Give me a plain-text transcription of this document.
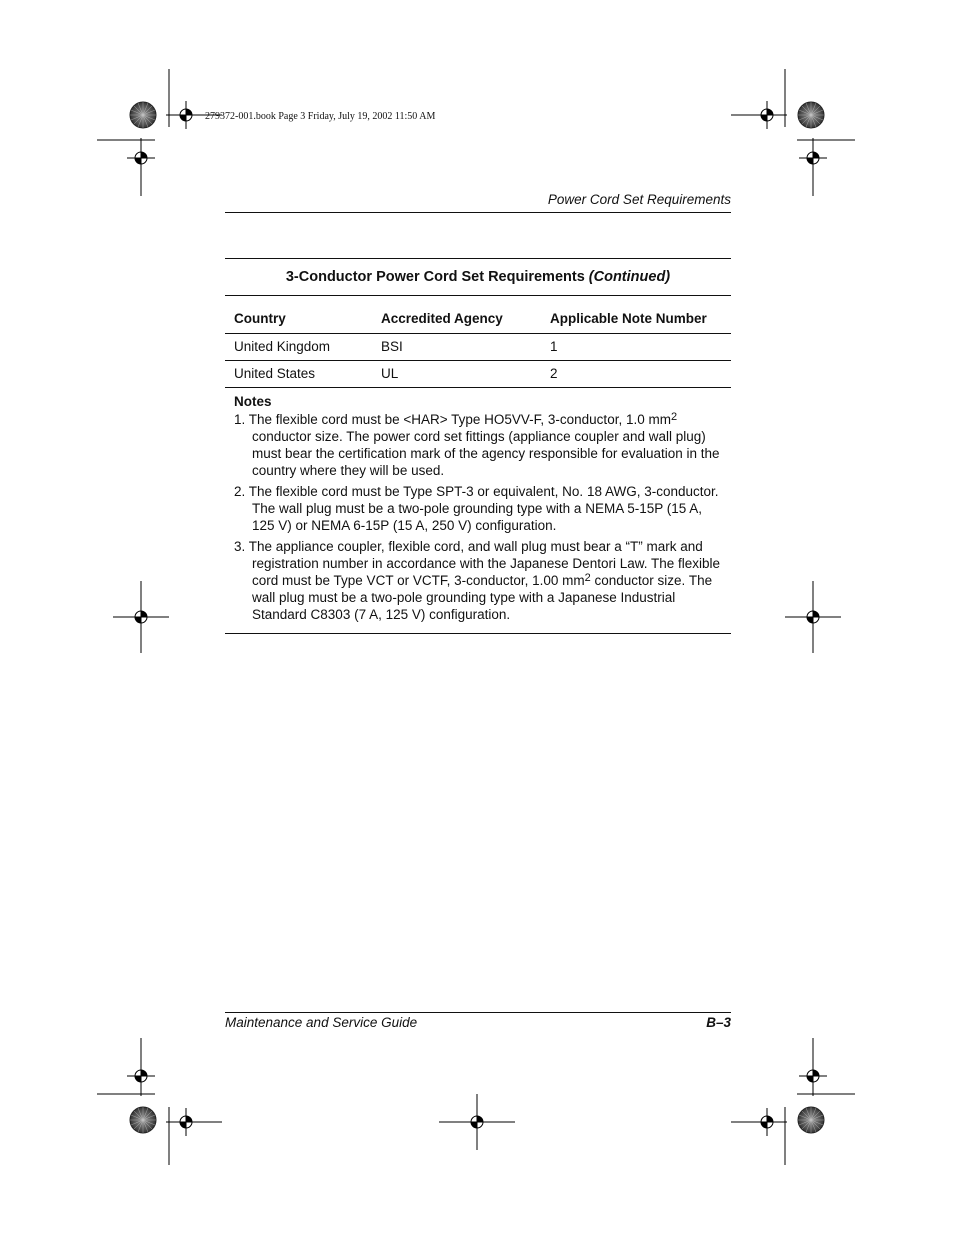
279372-001.book Page 3 Friday, July 19, 2002 11:50 AM
Power Cord Set Requirements
3-Conductor Power Cord Set Requirements (Continued)
Country	Accredited Agency	Applicable Note Number
United Kingdom	BSI	1
United States	UL	2
Notes
1. The flexible cord must be <HAR> Type HO5VV-F, 3-conductor, 1.0 $mm^2$ conductor size. The power cord set fittings (appliance coupler and wall plug) must bear the certification mark of the agency responsible for evaluation in the country where they will be used.
2. The flexible cord must be Type SPT-3 or equivalent, No. 18 AWG, 3-conductor. The wall plug must be a two-pole grounding type with a NEMA 5-15P (15 A, 125 V) or NEMA 6-15P (15 A, 250 V) configuration.
3. The appliance coupler, flexible cord, and wall plug must bear a “T” mark and registration number in accordance with the Japanese Dentori Law. The flexible cord must be Type VCT or VCTF, 3-conductor, 1.00 $mm^2$ conductor size. The wall plug must be a two-pole grounding type with a Japanese Industrial Standard C8303 (7 A, 125 V) configuration.
Maintenance and Service Guide	B–3
